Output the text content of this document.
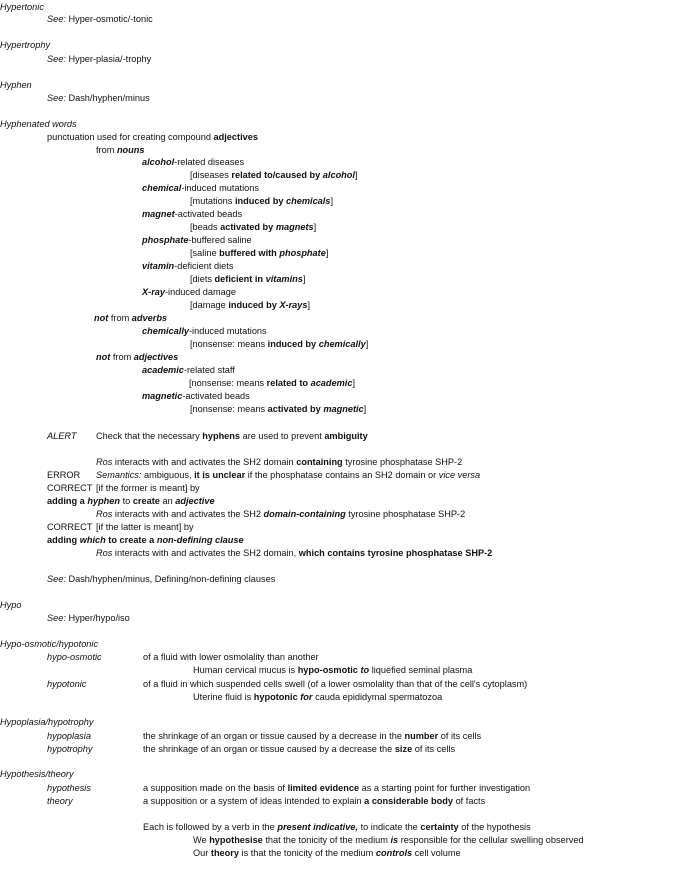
Hypertonic
See: Hyper-osmotic/-tonic
Hypertrophy
See: Hyper-plasia/-trophy
Hyphen
See: Dash/hyphen/minus
Hyphenated words
punctuation used for creating compound adjectives
from nouns
alcohol-related diseases
[diseases related to/caused by alcohol]
chemical-induced mutations
[mutations induced by chemicals]
magnet-activated beads
[beads activated by magnets]
phosphate-buffered saline
[saline buffered with phosphate]
vitamin-deficient diets
[diets deficient in vitamins]
X-ray-induced damage
[damage induced by X-rays]
not from adverbs
chemically-induced mutations
[nonsense: means induced by chemically]
not from adjectives
academic-related staff
[nonsense: means related to academic]
magnetic-activated beads
[nonsense: means activated by magnetic]
ALERT Check that the necessary hyphens are used to prevent ambiguity
Ros interacts with and activates the SH2 domain containing tyrosine phosphatase SHP-2
ERROR Semantics: ambiguous, it is unclear if the phosphatase contains an SH2 domain or vice versa
CORRECT [if the former is meant] by
adding a hyphen to create an adjective
Ros interacts with and activates the SH2 domain-containing tyrosine phosphatase SHP-2
CORRECT [if the latter is meant] by
adding which to create a non-defining clause
Ros interacts with and activates the SH2 domain, which contains tyrosine phosphatase SHP-2
See: Dash/hyphen/minus, Defining/non-defining clauses
Hypo
See: Hyper/hypo/iso
Hypo-osmotic/hypotonic
hypo-osmotic	of a fluid with lower osmolality than another
Human cervical mucus is hypo-osmotic to liquefied seminal plasma
hypotonic	of a fluid in which suspended cells swell (of a lower osmolality than that of the cell's cytoplasm)
Uterine fluid is hypotonic for cauda epididymal spermatozoa
Hypoplasia/hypotrophy
hypoplasia	the shrinkage of an organ or tissue caused by a decrease in the number of its cells
hypotrophy	the shrinkage of an organ or tissue caused by a decrease the size of its cells
Hypothesis/theory
hypothesis	a supposition made on the basis of limited evidence as a starting point for further investigation
theory	a supposition or a system of ideas intended to explain a considerable body of facts
Each is followed by a verb in the present indicative, to indicate the certainty of the hypothesis
We hypothesise that the tonicity of the medium is responsible for the cellular swelling observed
Our theory is that the tonicity of the medium controls cell volume
